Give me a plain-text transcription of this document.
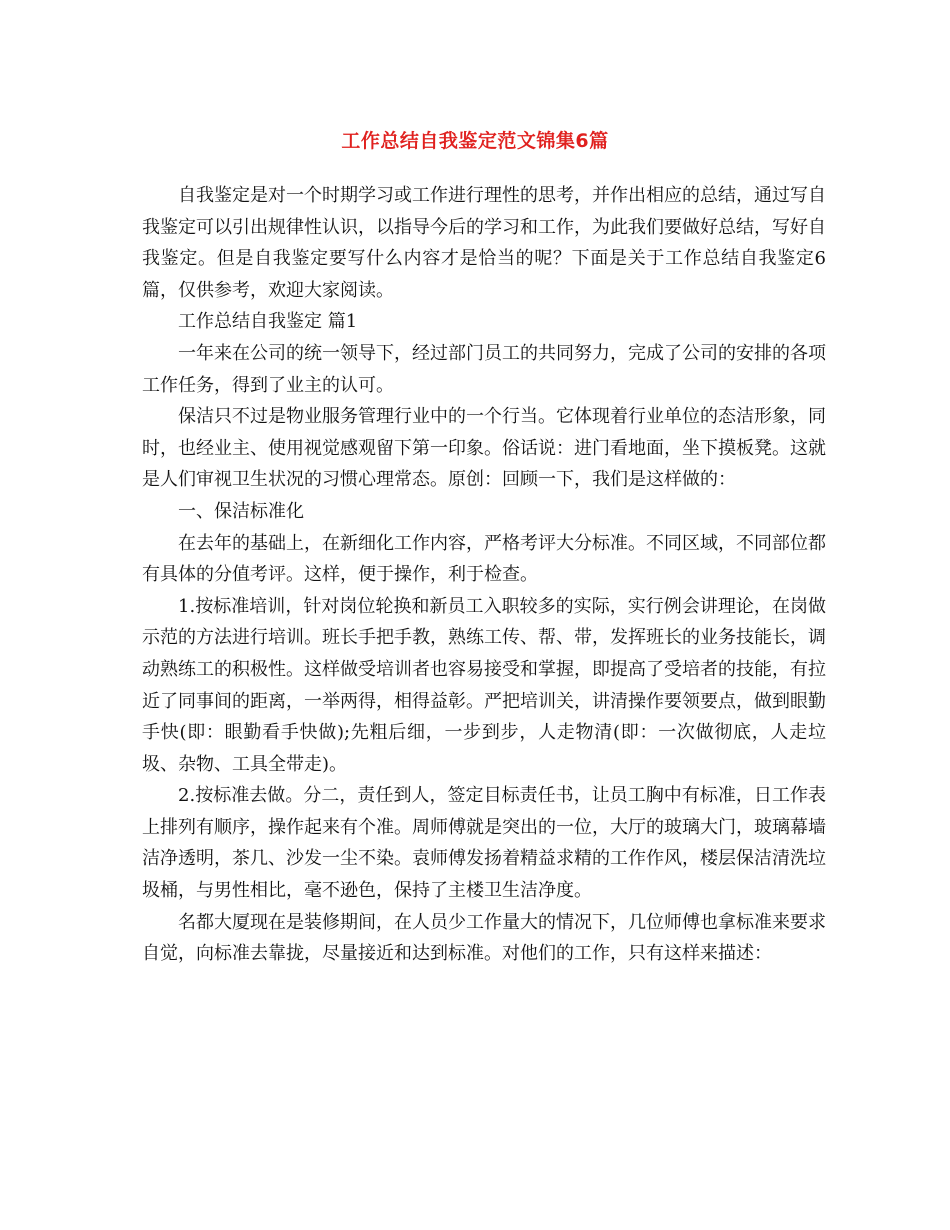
工作总结自我鉴定范文锦集6篇

自我鉴定是对一个时期学习或工作进行理性的思考，并作出相应的总结，通过写自我鉴定可以引出规律性认识，以指导今后的学习和工作，为此我们要做好总结，写好自我鉴定。但是自我鉴定要写什么内容才是恰当的呢？下面是关于工作总结自我鉴定6篇，仅供参考，欢迎大家阅读。

工作总结自我鉴定 篇1

一年来在公司的统一领导下，经过部门员工的共同努力，完成了公司的安排的各项工作任务，得到了业主的认可。

保洁只不过是物业服务管理行业中的一个行当。它体现着行业单位的态洁形象，同时，也经业主、使用视觉感观留下第一印象。俗话说：进门看地面，坐下摸板凳。这就是人们审视卫生状况的习惯心理常态。原创：回顾一下，我们是这样做的：

一、保洁标准化

在去年的基础上，在新细化工作内容，严格考评大分标准。不同区域，不同部位都有具体的分值考评。这样，便于操作，利于检查。

1.按标准培训，针对岗位轮换和新员工入职较多的实际，实行例会讲理论，在岗做示范的方法进行培训。班长手把手教，熟练工传、帮、带，发挥班长的业务技能长，调动熟练工的积极性。这样做受培训者也容易接受和掌握，即提高了受培者的技能，有拉近了同事间的距离，一举两得，相得益彰。严把培训关，讲清操作要领要点，做到眼勤手快(即：眼勤看手快做);先粗后细，一步到步，人走物清(即：一次做彻底，人走垃圾、杂物、工具全带走)。

2.按标准去做。分二，责任到人，签定目标责任书，让员工胸中有标准，日工作表上排列有顺序，操作起来有个准。周师傅就是突出的一位，大厅的玻璃大门，玻璃幕墙洁净透明，茶几、沙发一尘不染。袁师傅发扬着精益求精的工作作风，楼层保洁清洗垃圾桶，与男性相比，毫不逊色，保持了主楼卫生洁净度。

名都大厦现在是装修期间，在人员少工作量大的情况下，几位师傅也拿标准来要求自觉，向标准去靠拢，尽量接近和达到标准。对他们的工作，只有这样来描述：
